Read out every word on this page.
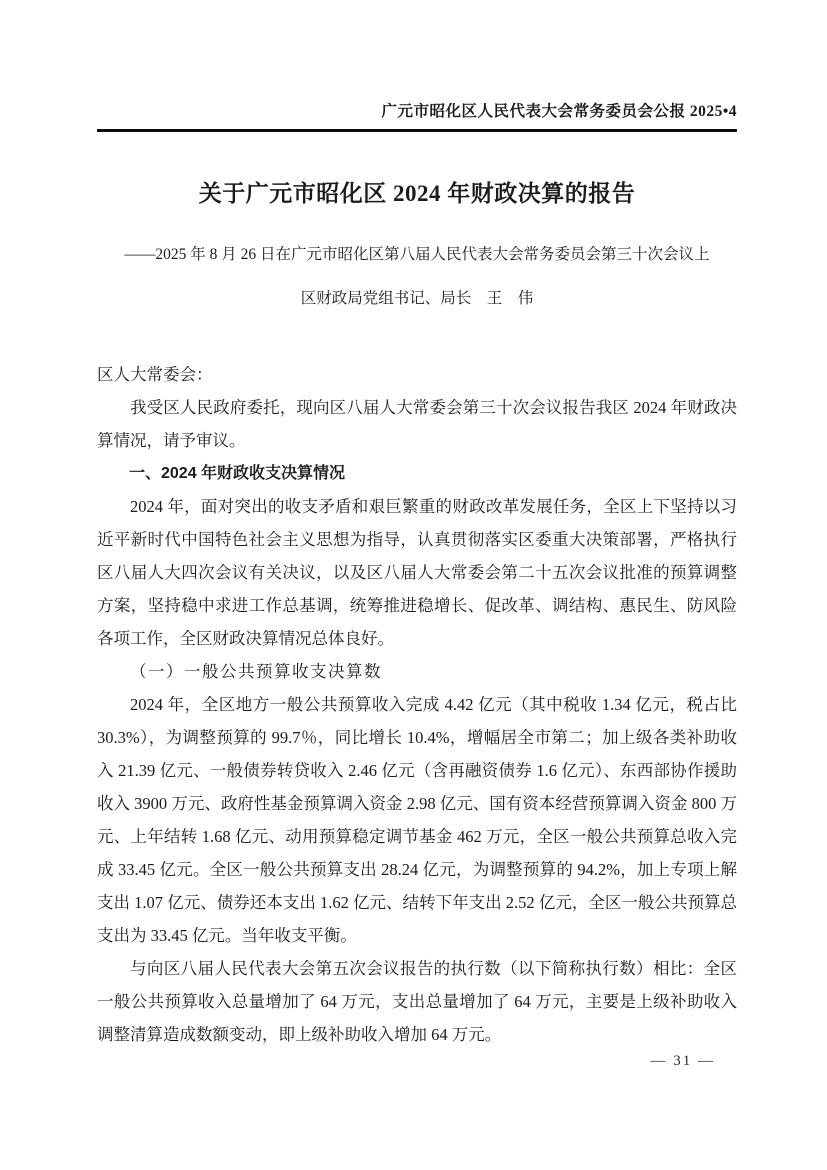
广元市昭化区人民代表大会常务委员会公报 2025•4
关于广元市昭化区 2024 年财政决算的报告
——2025 年 8 月 26 日在广元市昭化区第八届人民代表大会常务委员会第三十次会议上
区财政局党组书记、局长　王　伟

区人大常委会：

我受区人民政府委托，现向区八届人大常委会第三十次会议报告我区 2024 年财政决算情况，请予审议。

一、2024 年财政收支决算情况

2024 年，面对突出的收支矛盾和艰巨繁重的财政改革发展任务，全区上下坚持以习近平新时代中国特色社会主义思想为指导，认真贯彻落实区委重大决策部署，严格执行区八届人大四次会议有关决议，以及区八届人大常委会第二十五次会议批准的预算调整方案，坚持稳中求进工作总基调，统筹推进稳增长、促改革、调结构、惠民生、防风险各项工作，全区财政决算情况总体良好。

（一）一般公共预算收支决算数

2024 年，全区地方一般公共预算收入完成 4.42 亿元（其中税收 1.34 亿元，税占比 30.3%），为调整预算的 99.7％，同比增长 10.4%，增幅居全市第二；加上级各类补助收入 21.39 亿元、一般债券转贷收入 2.46 亿元（含再融资债券 1.6 亿元）、东西部协作援助收入 3900 万元、政府性基金预算调入资金 2.98 亿元、国有资本经营预算调入资金 800 万元、上年结转 1.68 亿元、动用预算稳定调节基金 462 万元，全区一般公共预算总收入完成 33.45 亿元。全区一般公共预算支出 28.24 亿元，为调整预算的 94.2%，加上专项上解支出 1.07 亿元、债券还本支出 1.62 亿元、结转下年支出 2.52 亿元，全区一般公共预算总支出为 33.45 亿元。当年收支平衡。

与向区八届人民代表大会第五次会议报告的执行数（以下简称执行数）相比：全区一般公共预算收入总量增加了 64 万元，支出总量增加了 64 万元，主要是上级补助收入调整清算造成数额变动，即上级补助收入增加 64 万元。

— 31 —
